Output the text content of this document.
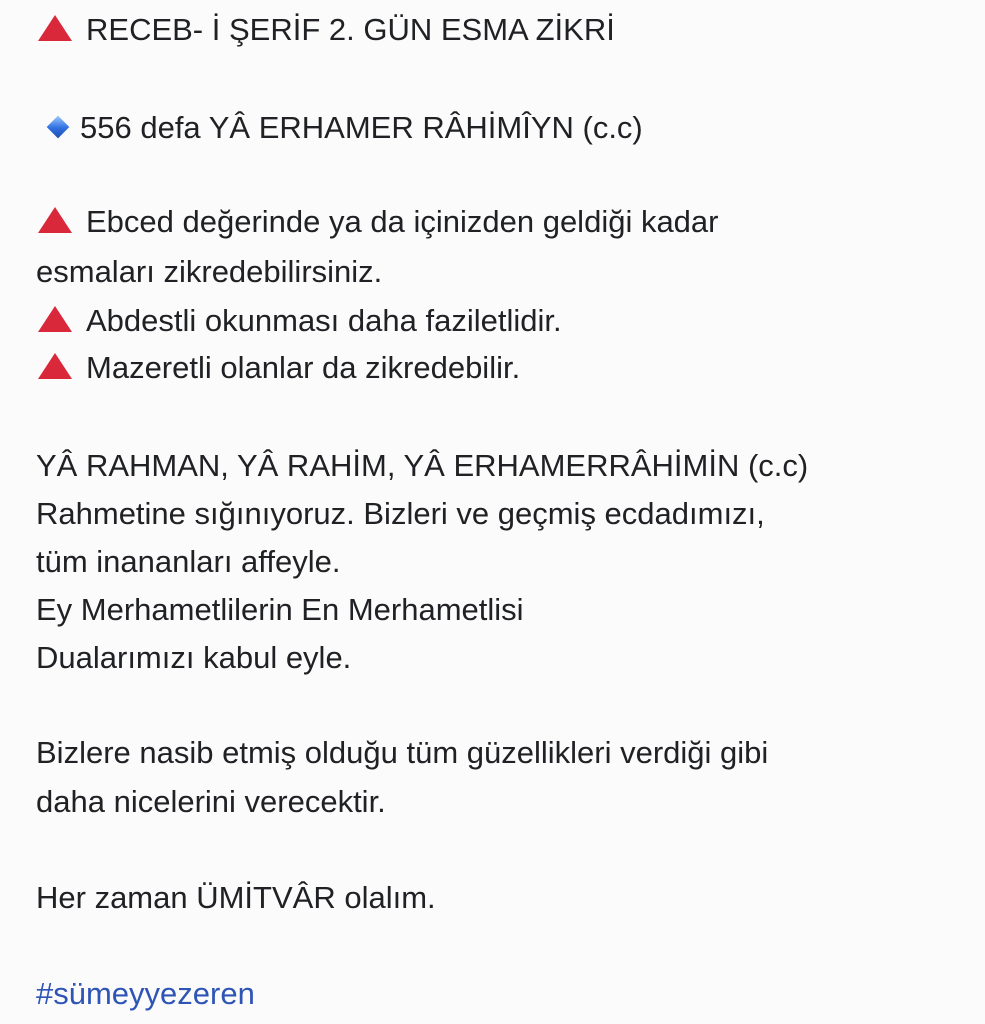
RECEB- İ ŞERİF 2. GÜN ESMA ZİKRİ
556 defa YÂ ERHAMER RÂHİMÎYN (c.c)
Ebced değerinde ya da içinizden geldiği kadar
esmaları zikredebilirsiniz.
Abdestli okunması daha faziletlidir.
Mazeretli olanlar da zikredebilir.
YÂ RAHMAN, YÂ RAHİM, YÂ ERHAMERRÂHİMİN (c.c)
Rahmetine sığınıyoruz. Bizleri ve geçmiş ecdadımızı,
tüm inananları affeyle.
Ey Merhametlilerin En Merhametlisi
Dualarımızı kabul eyle.
Bizlere nasib etmiş olduğu tüm güzellikleri verdiği gibi
daha nicelerini verecektir.
Her zaman ÜMİTVÂR olalım.
#sümeyyezeren
